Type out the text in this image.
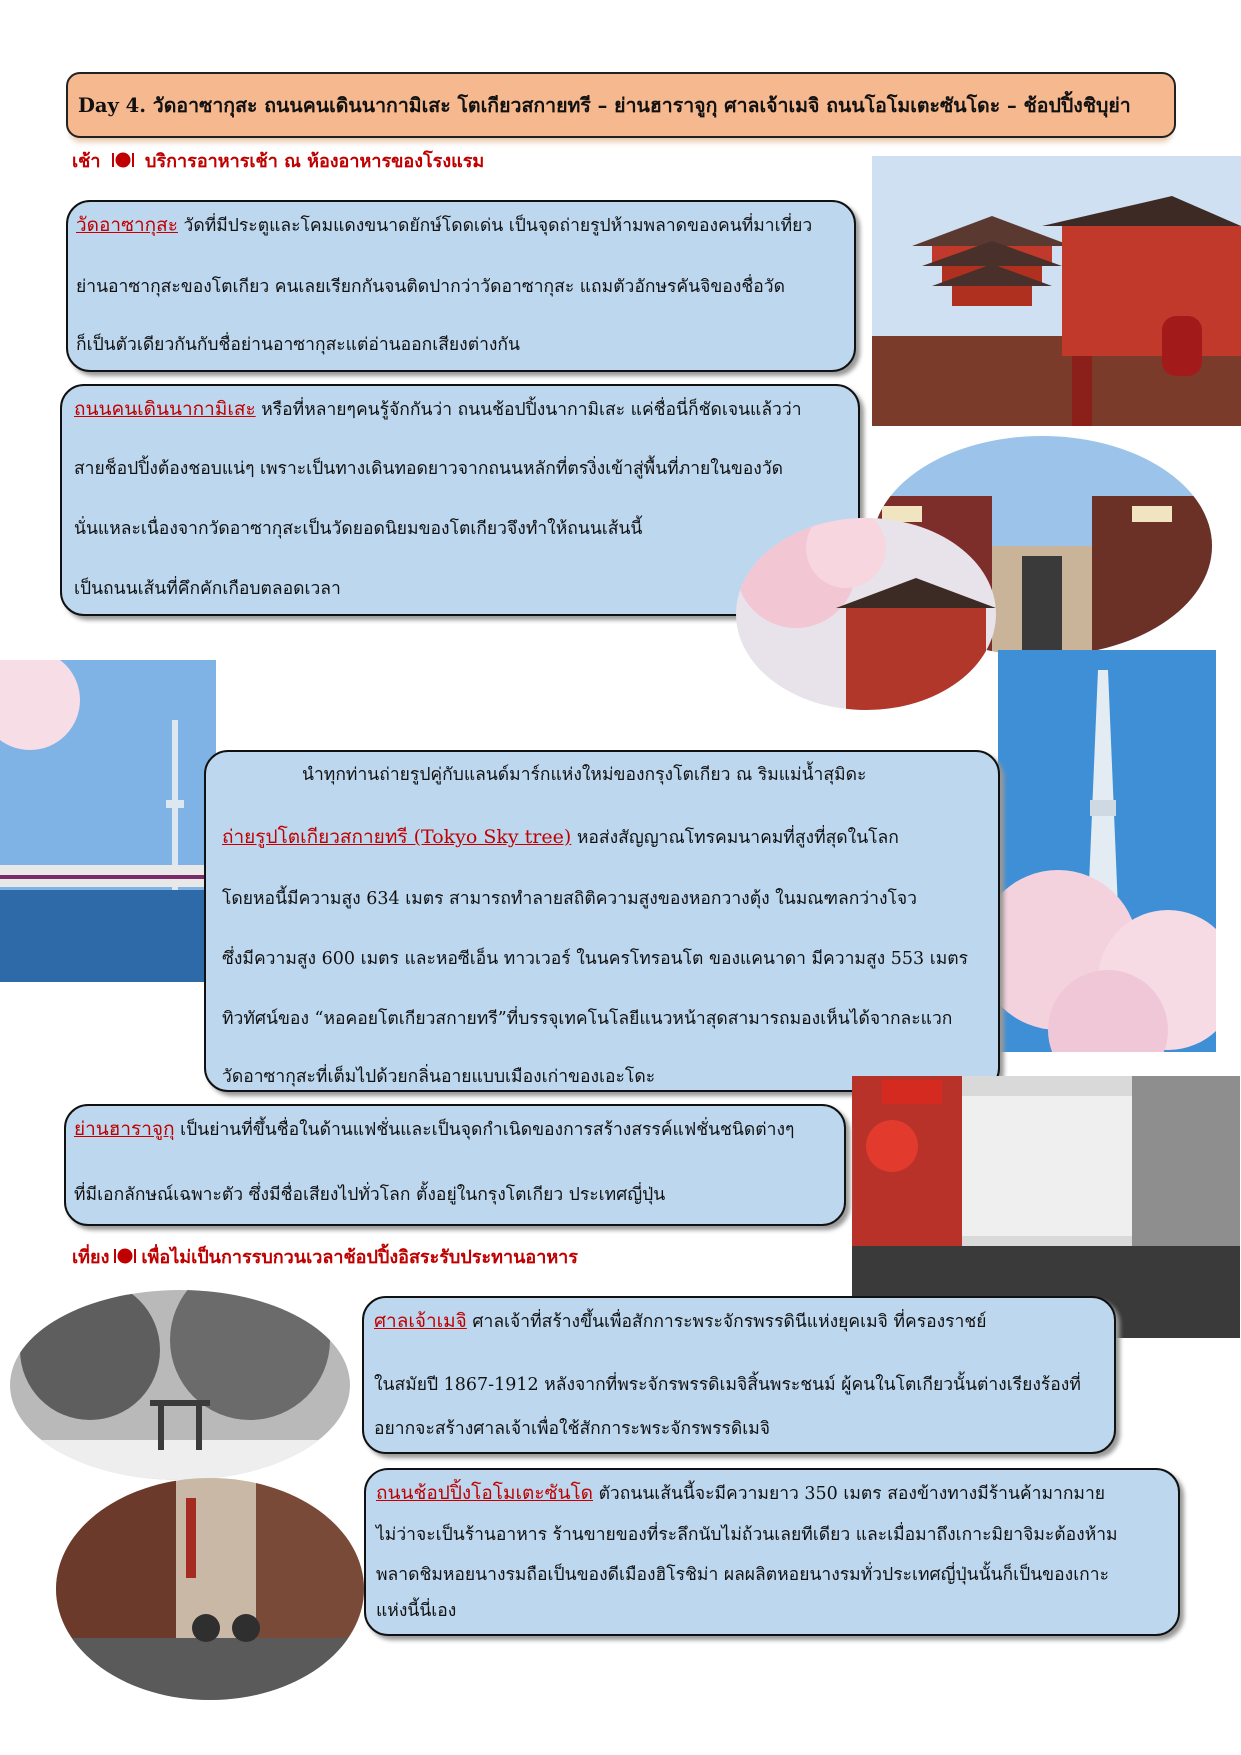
Day 4. วัดอาซากุสะ ถนนคนเดินนากามิเสะ โตเกียวสกายทรี – ย่านฮาราจูกุ ศาลเจ้าเมจิ ถนนโอโมเตะซันโดะ – ช้อปปิ้งชิบุย่า
เช้า บริการอาหารเช้า ณ ห้องอาหารของโรงแรม
วัดอาซากุสะ วัดที่มีประตูและโคมแดงขนาดยักษ์โดดเด่น เป็นจุดถ่ายรูปห้ามพลาดของคนที่มาเที่ยว
ย่านอาซากุสะของโตเกียว คนเลยเรียกกันจนติดปากว่าวัดอาซากุสะ แถมตัวอักษรคันจิของชื่อวัด
ก็เป็นตัวเดียวกันกับชื่อย่านอาซากุสะแต่อ่านออกเสียงต่างกัน
ถนนคนเดินนากามิเสะ หรือที่หลายๆคนรู้จักกันว่า ถนนช้อปปิ้งนากามิเสะ แค่ชื่อนี่ก็ชัดเจนแล้วว่า
สายช็อปปิ้งต้องชอบแน่ๆ เพราะเป็นทางเดินทอดยาวจากถนนหลักที่ตรงิ่งเข้าสู่พื้นที่ภายในของวัด
นั่นแหละเนื่องจากวัดอาซากุสะเป็นวัดยอดนิยมของโตเกียวจึงทำให้ถนนเส้นนี้
เป็นถนนเส้นที่คึกคักเกือบตลอดเวลา
นำทุกท่านถ่ายรูปคู่กับแลนด์มาร์กแห่งใหม่ของกรุงโตเกียว ณ ริมแม่น้ำสุมิดะ
ถ่ายรูปโตเกียวสกายทรี (Tokyo Sky tree) หอส่งสัญญาณโทรคมนาคมที่สูงที่สุดในโลก
โดยหอนี้มีความสูง 634 เมตร สามารถทำลายสถิติความสูงของหอกวางตุ้ง ในมณฑลกว่างโจว
ซึ่งมีความสูง 600 เมตร และหอซีเอ็น ทาวเวอร์ ในนครโทรอนโต ของแคนาดา มีความสูง 553 เมตร
ทิวทัศน์ของ “หอคอยโตเกียวสกายทรี”ที่บรรจุเทคโนโลยีแนวหน้าสุดสามารถมองเห็นได้จากละแวก
วัดอาซากุสะที่เต็มไปด้วยกลิ่นอายแบบเมืองเก่าของเอะโดะ
ย่านฮาราจูกุ เป็นย่านที่ขึ้นชื่อในด้านแฟชั่นและเป็นจุดกำเนิดของการสร้างสรรค์แฟชั่นชนิดต่างๆ
ที่มีเอกลักษณ์เฉพาะตัว ซึ่งมีชื่อเสียงไปทั่วโลก ตั้งอยู่ในกรุงโตเกียว ประเทศญี่ปุ่น
เที่ยง เพื่อไม่เป็นการรบกวนเวลาช้อปปิ้งอิสระรับประทานอาหาร
ศาลเจ้าเมจิ ศาลเจ้าที่สร้างขึ้นเพื่อสักการะพระจักรพรรดินีแห่งยุคเมจิ ที่ครองราชย์
ในสมัยปี 1867-1912 หลังจากที่พระจักรพรรดิเมจิสิ้นพระชนม์ ผู้คนในโตเกียวนั้นต่างเรียงร้องที่
อยากจะสร้างศาลเจ้าเพื่อใช้สักการะพระจักรพรรดิเมจิ
ถนนช้อปปิ้งโอโมเตะซันโด ตัวถนนเส้นนี้จะมีความยาว 350 เมตร สองข้างทางมีร้านค้ามากมาย
ไม่ว่าจะเป็นร้านอาหาร ร้านขายของที่ระลึกนับไม่ถ้วนเลยทีเดียว และเมื่อมาถึงเกาะมิยาจิมะต้องห้าม
พลาดชิมหอยนางรมถือเป็นของดีเมืองฮิโรชิม่า ผลผลิตหอยนางรมทั่วประเทศญี่ปุ่นนั้นก็เป็นของเกาะ
แห่งนี้นี่เอง
